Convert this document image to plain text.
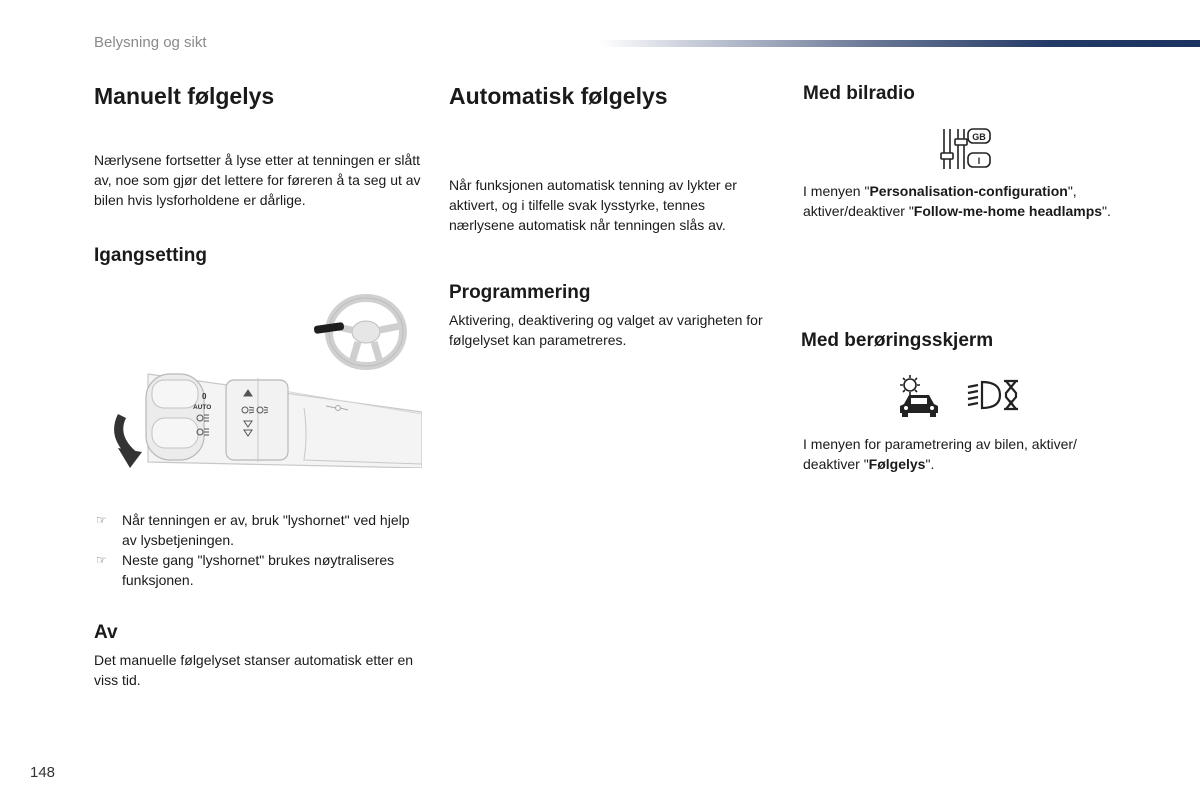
Belysning og sikt
Manuelt følgelys

Nærlysene fortsetter å lyse etter at tenningen er slått av, noe som gjør det lettere for føreren å ta seg ut av bilen hvis lysforholdene er dårlige.

Igangsetting
0
AUTO
☞ Når tenningen er av, bruk "lyshornet" ved hjelp av lysbetjeningen.
☞ Neste gang "lyshornet" brukes nøytraliseres funksjonen.
Av

Det manuelle følgelyset stanser automatisk etter en viss tid.

Automatisk følgelys

Når funksjonen automatisk tenning av lykter er aktivert, og i tilfelle svak lysstyrke, tennes nærlysene automatisk når tenningen slås av.

Programmering

Aktivering, deaktivering og valget av varigheten for følgelyset kan parametreres.

Med bilradio
GB
I

I menyen "Personalisation-configuration", aktiver/deaktiver "Follow-me-home headlamps".

Med berøringsskjerm

I menyen for parametrering av bilen, aktiver/ deaktiver "Følgelys".

148
